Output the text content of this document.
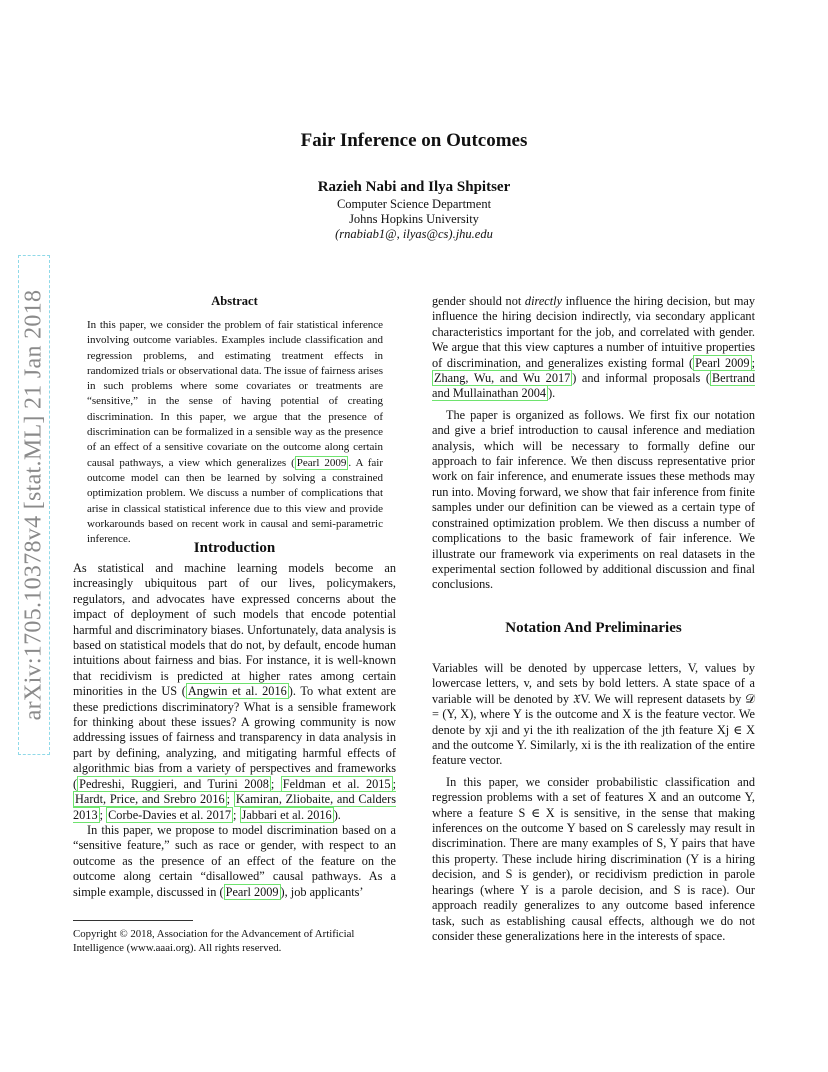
arXiv:1705.10378v4 [stat.ML] 21 Jan 2018
Fair Inference on Outcomes
Razieh Nabi and Ilya Shpitser
Computer Science Department
Johns Hopkins University
(rnabiab1@, ilyas@cs).jhu.edu
Abstract
In this paper, we consider the problem of fair statistical inference involving outcome variables. Examples include classification and regression problems, and estimating treatment effects in randomized trials or observational data. The issue of fairness arises in such problems where some covariates or treatments are “sensitive,” in the sense of having potential of creating discrimination. In this paper, we argue that the presence of discrimination can be formalized in a sensible way as the presence of an effect of a sensitive covariate on the outcome along certain causal pathways, a view which generalizes ( Pearl 2009 . A fair outcome model can then be learned by solving a constrained optimization problem. We discuss a number of complications that arise in classical statistical inference due to this view and provide workarounds based on recent work in causal and semi-parametric inference.
Introduction

As statistical and machine learning models become an increasingly ubiquitous part of our lives, policymakers, regulators, and advocates have expressed concerns about the impact of deployment of such models that encode potential harmful and discriminatory biases. Unfortunately, data analysis is based on statistical models that do not, by default, encode human intuitions about fairness and bias. For instance, it is well-known that recidivism is predicted at higher rates among certain minorities in the US ( Angwin et al. 2016 ). To what extent are these predictions discriminatory? What is a sensible framework for thinking about these issues? A growing community is now addressing issues of fairness and transparency in data analysis in part by defining, analyzing, and mitigating harmful effects of algorithmic bias from a variety of perspectives and frameworks ( Pedreshi, Ruggieri, and Turini 2008 ; Feldman et al. 2015 ; Hardt, Price, and Srebro 2016 ; Kamiran, Zliobaite, and Calders 2013 ; Corbe-Davies et al. 2017 ; Jabbari et al. 2016 ).

In this paper, we propose to model discrimination based on a “sensitive feature,” such as race or gender, with respect to an outcome as the presence of an effect of the feature on the outcome along certain “disallowed” causal pathways. As a simple example, discussed in ( Pearl 2009 ), job applicants’

Copyright © 2018, Association for the Advancement of Artificial Intelligence (www.aaai.org). All rights reserved.

gender should not directly influence the hiring decision, but may influence the hiring decision indirectly, via secondary applicant characteristics important for the job, and correlated with gender. We argue that this view captures a number of intuitive properties of discrimination, and generalizes existing formal ( Pearl 2009 ; Zhang, Wu, and Wu 2017 ) and informal proposals ( Bertrand and Mullainathan 2004 ).

The paper is organized as follows. We first fix our notation and give a brief introduction to causal inference and mediation analysis, which will be necessary to formally define our approach to fair inference. We then discuss representative prior work on fair inference, and enumerate issues these methods may run into. Moving forward, we show that fair inference from finite samples under our definition can be viewed as a certain type of constrained optimization problem. We then discuss a number of complications to the basic framework of fair inference. We illustrate our framework via experiments on real datasets in the experimental section followed by additional discussion and final conclusions.

Notation And Preliminaries

Variables will be denoted by uppercase letters, V, values by lowercase letters, v, and sets by bold letters. A state space of a variable will be denoted by 𝔛V. We will represent datasets by 𝒟 = (Y, X), where Y is the outcome and X is the feature vector. We denote by xji and yi the ith realization of the jth feature Xj ∈ X and the outcome Y. Similarly, xi is the ith realization of the entire feature vector.

In this paper, we consider probabilistic classification and regression problems with a set of features X and an outcome Y, where a feature S ∈ X is sensitive, in the sense that making inferences on the outcome Y based on S carelessly may result in discrimination. There are many examples of S, Y pairs that have this property. These include hiring discrimination (Y is a hiring decision, and S is gender), or recidivism prediction in parole hearings (where Y is a parole decision, and S is race). Our approach readily generalizes to any outcome based inference task, such as establishing causal effects, although we do not consider these generalizations here in the interests of space.
